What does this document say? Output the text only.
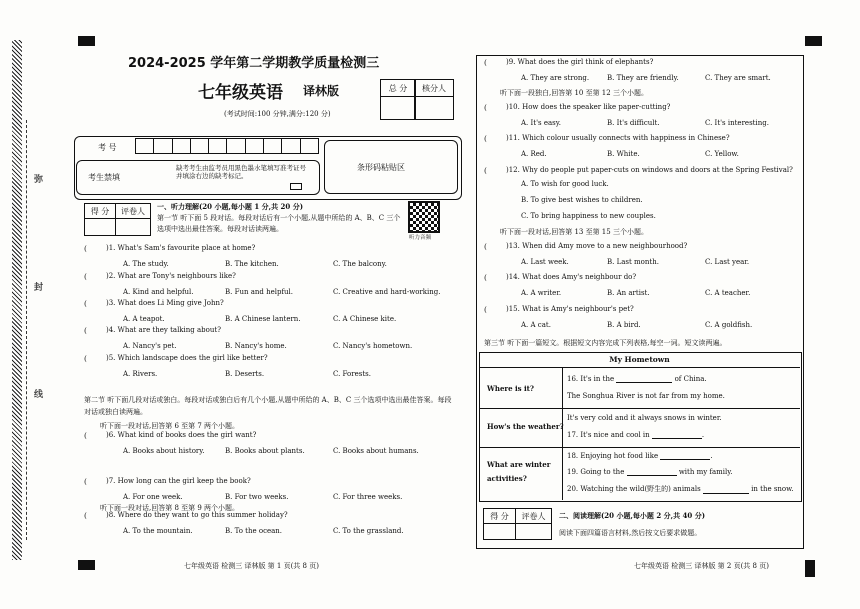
弥
封
线
2024-2025 学年第二学期教学质量检测三
七年级英语 译林版
(考试时间:100 分钟,满分:120 分)
总 分	核分人
考 号
考生禁填
缺考考生由监考员用黑色墨水笔填写准考证号并填涂右边的缺考标记。
条形码粘贴区
得 分	评卷人	一、听力理解(20 小题,每小题 1 分,共 20 分)
第一节 听下面 5 段对话。每段对话后有一个小题,从题中所给的 A、B、C 三个选项中选出最佳答案。每段对话读两遍。
听力音频
(	)1. What's Sam's favourite place at home?
A. The study.	B. The kitchen.	C. The balcony.
(	)2. What are Tony's neighbours like?
A. Kind and helpful.	B. Fun and helpful.	C. Creative and hard-working.
(	)3. What does Li Ming give John?
A. A teapot.	B. A Chinese lantern.	C. A Chinese kite.
(	)4. What are they talking about?
A. Nancy's pet.	B. Nancy's home.	C. Nancy's hometown.
(	)5. Which landscape does the girl like better?
A. Rivers.	B. Deserts.	C. Forests.
(	)6. What kind of books does the girl want?
A. Books about history.	B. Books about plants.	C. Books about humans.
(	)7. How long can the girl keep the book?
A. For one week.	B. For two weeks.	C. For three weeks.
(	)8. Where do they want to go this summer holiday?
A. To the mountain.	B. To the ocean.	C. To the grassland.
第二节 听下面几段对话或独白。每段对话或独白后有几个小题,从题中所给的 A、B、C 三个选项中选出最佳答案。每段对话或独白读两遍。
听下面一段对话,回答第 6 至第 7 两个小题。
听下面一段对话,回答第 8 至第 9 两个小题。
七年级英语 检测三 译林版 第 1 页(共 8 页)
(	)9. What does the girl think of elephants?
A. They are strong.	B. They are friendly.	C. They are smart.
(	)10. How does the speaker like paper-cutting?
A. It's easy.	B. It's difficult.	C. It's interesting.
(	)11. Which colour usually connects with happiness in Chinese?
A. Red.	B. White.	C. Yellow.
(	)13. When did Amy move to a new neighbourhood?
A. Last week.	B. Last month.	C. Last year.
(	)14. What does Amy's neighbour do?
A. A writer.	B. An artist.	C. A teacher.
(	)15. What is Amy's neighbour's pet?
A. A cat.	B. A bird.	C. A goldfish.
听下面一段独白,回答第 10 至第 12 三个小题。
(	)12. Why do people put paper-cuts on windows and doors at the Spring Festival?
A. To wish for good luck.
B. To give best wishes to children.
C. To bring happiness to new couples.
听下面一段对话,回答第 13 至第 15 三个小题。
第三节 听下面一篇短文。根据短文内容完成下列表格,每空一词。短文读两遍。
My Hometown
Where is it?
16. It's in the	of China.
The Songhua River is not far from my home.
How's the weather?
It's very cold and it always snows in winter.
17. It's nice and cool in	.
What are winter activities?
18. Enjoying hot food like	.
19. Going to the	with my family.
20. Watching the wild(野生的) animals	in the snow.
得 分	评卷人	二、阅读理解(20 小题,每小题 2 分,共 40 分)
阅读下面四篇语言材料,然后按文后要求做题。
七年级英语 检测三 译林版 第 2 页(共 8 页)
